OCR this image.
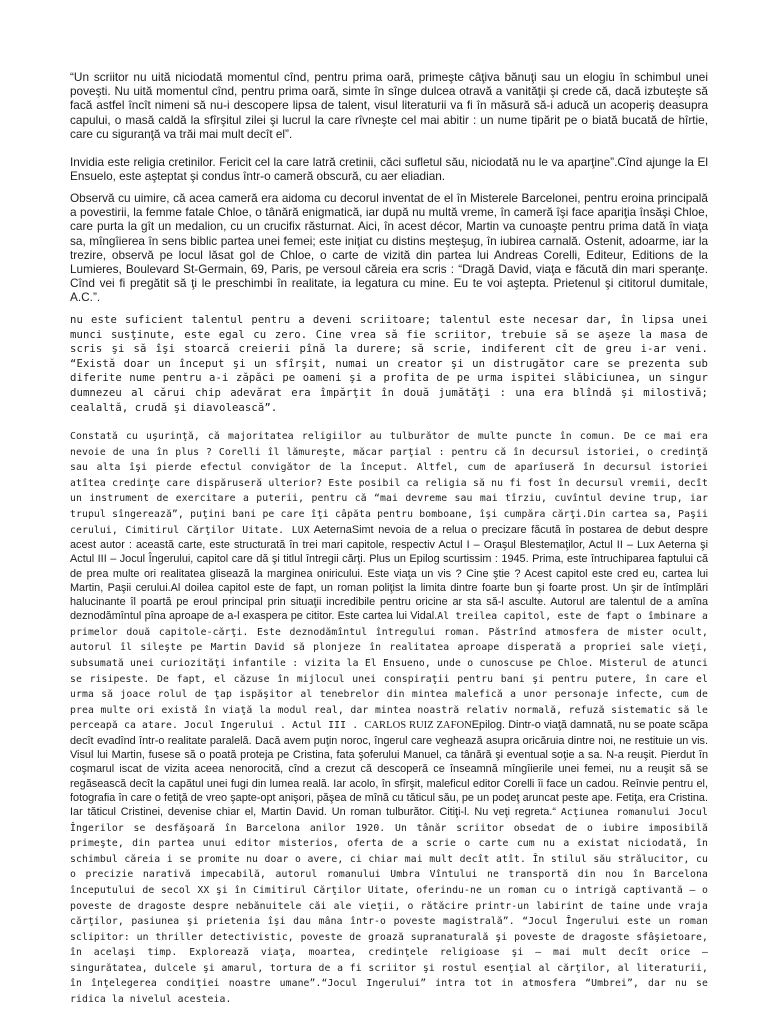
“Un scriitor nu uită niciodată momentul cînd, pentru prima oară, primeşte câţiva bănuţi sau un elogiu în schimbul unei poveşti. Nu uită momentul cînd, pentru prima oară, simte în sînge dulcea otravă a vanităţii şi crede că, dacă izbuteşte să facă astfel încît nimeni să nu-i descopere lipsa de talent, visul literaturii va fi în măsură să-i aducă un acoperiş deasupra capului, o masă caldă la sfîrşitul zilei şi lucrul la care rîvneşte cel mai abitir : un nume tipărit pe o biată bucată de hîrtie, care cu siguranţă va trăi mai mult decît el”.

Invidia este religia cretinilor. Fericit cel la care latră cretinii, căci sufletul său, niciodată nu le va aparţine”.Cînd ajunge la El Ensuelo, este aşteptat şi condus într-o cameră obscură, cu aer eliadian.

Observă cu uimire, că acea cameră era aidoma cu decorul inventat de el în Misterele Barcelonei, pentru eroina principală a povestirii, la femme fatale Chloe, o tânără enigmatică, iar după nu multă vreme, în cameră îşi face apariţia însăşi Chloe, care purta la gît un medalion, cu un crucifix răsturnat. Aici, în acest décor, Martin va cunoaşte pentru prima dată în viaţa sa, mîngîierea în sens biblic partea unei femei; este iniţiat cu distins meşteşug, în iubirea carnală. Ostenit, adoarme, iar la trezire, observă pe locul lăsat gol de Chloe, o carte de vizită din partea lui Andreas Corelli, Editeur, Editions de la Lumieres, Boulevard St-Germain, 69, Paris, pe versoul căreia era scris : “Dragă David, viaţa e făcută din mari speranţe. Cînd vei fi pregătit să ţi le preschimbi în realitate, ia legatura cu mine. Eu te voi aştepta. Prietenul şi cititorul dumitale, A.C.”.

nu este suficient talentul pentru a deveni scriitoare; talentul este necesar dar, în lipsa unei munci susţinute, este egal cu zero. Cine vrea să fie scriitor, trebuie să se aşeze la masa de scris şi să îşi stoarcă creierii pînă la durere; să scrie, indiferent cît de greu i-ar veni. “Există doar un început şi un sfîrşit, numai un creator şi un distrugător care se prezenta sub diferite nume pentru a-i zăpăci pe oameni şi a profita de pe urma ispitei slăbiciunea, un singur dumnezeu al cărui chip adevărat era împărţit în două jumătăţi : una era blîndă şi milostivă; cealaltă, crudă şi diavolească”.

Constată cu uşurinţă, că majoritatea religiilor au tulburător de multe puncte în comun. De ce mai era nevoie de una în plus ? Corelli îl lămureşte, măcar parţial : pentru că în decursul istoriei, o credinţă sau alta îşi pierde efectul convigător de la început. Altfel, cum de aparîuseră în decursul istoriei atîtea credinţe care dispăruseră ulterior? Este posibil ca religia să nu fi fost în decursul vremii, decît un instrument de exercitare a puterii, pentru că “mai devreme sau mai tîrziu, cuvîntul devine trup, iar trupul sîngerează”, puţini bani pe care îţi câpăta pentru bomboane, îşi cumpăra cărţi.Din cartea sa, Paşii cerului, Cimitirul Cărţilor Uitate. LUX AeternaSimt nevoia de a relua o precizare făcută în postarea de debut despre acest autor : această carte, este structurată în trei mari capitole, respectiv Actul I – Oraşul Blestemaţilor, Actul II – Lux Aeterna şi Actul III – Jocul Îngerului, capitol care dă şi titlul întregii cărţi. Plus un Epilog scurtissim : 1945. Prima, este întruchiparea faptului că de prea multe ori realitatea glisează la marginea oniricului. Este viaţa un vis ? Cine ştie ? Acest capitol este cred eu, cartea lui Martin, Paşii cerului.Al doilea capitol este de fapt, un roman poliţist la limita dintre foarte bun şi foarte prost. Un şir de întîmplări halucinante îl poartă pe eroul principal prin situaţii incredibile pentru oricine ar sta să-l asculte. Autorul are talentul de a amîna deznodămîntul pîna aproape de a-l exaspera pe cititor. Este cartea lui Vidal.Al treilea capitol, este de fapt o îmbinare a primelor două capitole-cărţi. Este deznodămîntul întregului roman. Păstrînd atmosfera de mister ocult, autorul îl sileşte pe Martin David să plonjeze în realitatea aproape disperată a propriei sale vieţi, subsumată unei curiozităţi infantile : vizita la El Ensueno, unde o cunoscuse pe Chloe. Misterul de atunci se risipeste. De fapt, el căzuse în mijlocul unei conspiraţii pentru bani şi pentru putere, în care el urma să joace rolul de ţap ispăşitor al tenebrelor din mintea malefică a unor personaje infecte, cum de prea multe ori există în viaţă la modul real, dar mintea noastră relativ normală, refuză sistematic să le perceapă ca atare. Jocul Ingerului . Actul III . CARLOS RUIZ ZAFONEpilog. Dintr-o viaţă damnată, nu se poate scăpa decît evadînd într-o realitate paralelă. Dacă avem puţin noroc, îngerul care veghează asupra oricăruia dintre noi, ne restituie un vis. Visul lui Martin, fusese să o poată proteja pe Cristina, fata şoferului Manuel, ca tânără şi eventual soţie a sa. N-a reuşit. Pierdut în coşmarul iscat de vizita aceea nenorocită, cînd a crezut că descoperă ce înseamnă mîngîierile unei femei, nu a reuşit să se regăsească decît la capătul unei fugi din lumea reală. Iar acolo, în sfîrşit, maleficul editor Corelli îi face un cadou. Reînvie pentru el, fotografia în care o fetiţă de vreo şapte-opt anişori, păşea de mînă cu tăticul său, pe un podeţ aruncat peste ape. Fetiţa, era Cristina. Iar tăticul Cristinei, devenise chiar el, Martin David. Un roman tulburător. Citiţi-l. Nu veţi regreta.“ Acţiunea romanului Jocul Îngerilor se desfăşoară în Barcelona anilor 1920. Un tânăr scriitor obsedat de o iubire imposibilă primeşte, din partea unui editor misterios, oferta de a scrie o carte cum nu a existat niciodată, în schimbul căreia i se promite nu doar o avere, ci chiar mai mult decît atît. În stilul său strălucitor, cu o precizie narativă impecabilă, autorul romanului Umbra Vîntului ne transportă din nou în Barcelona începutului de secol XX şi în Cimitirul Cărţilor Uitate, oferindu-ne un roman cu o intrigă captivantă – o poveste de dragoste despre nebănuitele căi ale vieţii, o rătăcire printr-un labirint de taine unde vraja cărţilor, pasiunea şi prietenia îşi dau mâna într-o poveste magistrală”. “Jocul Îngerului este un roman sclipitor: un thriller detectivistic, poveste de groază supranaturală şi poveste de dragoste sfâşietoare, în acelaşi timp. Explorează viaţa, moartea, credinţele religioase şi – mai mult decît orice – singurătatea, dulcele şi amarul, tortura de a fi scriitor şi rostul esenţial al cărţilor, al literaturii, în înţelegerea condiţiei noastre umane”.“Jocul Ingerului” intra tot in atmosfera “Umbrei”, dar nu se ridica la nivelul acesteia.
